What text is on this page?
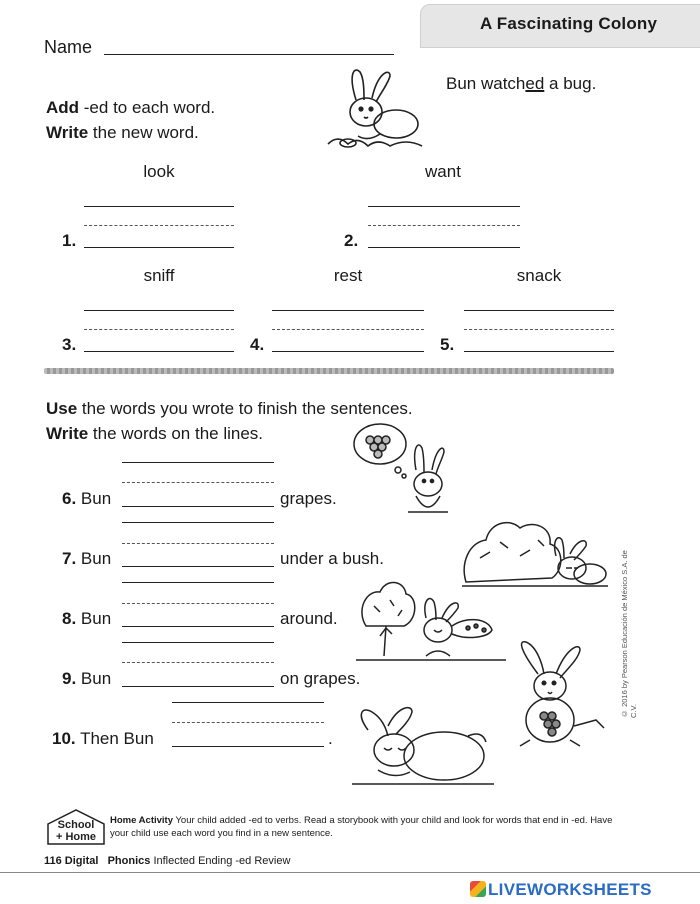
A Fascinating Colony
Name
Add -ed to each word.
Write the new word.
Bun watched a bug.
look	want
1.	2.
sniff	rest	snack
3.	4.	5.
Use the words you wrote to finish the sentences.
Write the words on the lines.
6. Bun	grapes.
7. Bun	under a bush.
8. Bun	around.
9. Bun	on grapes.
10. Then Bun	.
© 2016 by Pearson Educación de México S.A. de C.V.
School
+ Home
Home Activity Your child added -ed to verbs. Read a storybook with your child and look for words that end in -ed. Have your child use each word you find in a new sentence.
116 Digital Phonics Inflected Ending -ed Review
LIVEWORKSHEETS
